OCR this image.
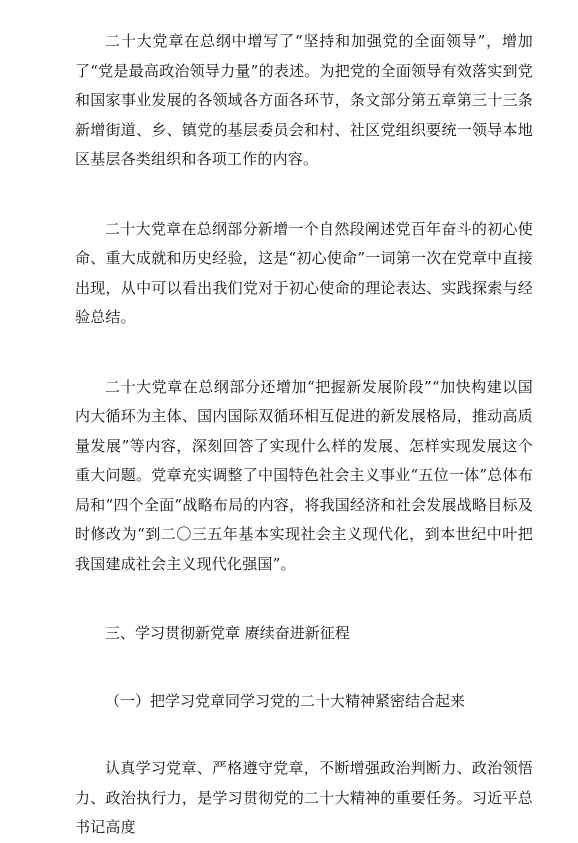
二十大党章在总纲中增写了“坚持和加强党的全面领导”，增加了“党是最高政治领导力量”的表述。为把党的全面领导有效落实到党和国家事业发展的各领域各方面各环节，条文部分第五章第三十三条新增街道、乡、镇党的基层委员会和村、社区党组织要统一领导本地区基层各类组织和各项工作的内容。

二十大党章在总纲部分新增一个自然段阐述党百年奋斗的初心使命、重大成就和历史经验，这是“初心使命”一词第一次在党章中直接出现，从中可以看出我们党对于初心使命的理论表达、实践探索与经验总结。

二十大党章在总纲部分还增加“把握新发展阶段”“加快构建以国内大循环为主体、国内国际双循环相互促进的新发展格局，推动高质量发展”等内容，深刻回答了实现什么样的发展、怎样实现发展这个重大问题。党章充实调整了中国特色社会主义事业“五位一体”总体布局和“四个全面”战略布局的内容，将我国经济和社会发展战略目标及时修改为“到二〇三五年基本实现社会主义现代化，到本世纪中叶把我国建成社会主义现代化强国”。

三、学习贯彻新党章 赓续奋进新征程

（一）把学习党章同学习党的二十大精神紧密结合起来

认真学习党章、严格遵守党章，不断增强政治判断力、政治领悟力、政治执行力，是学习贯彻党的二十大精神的重要任务。习近平总书记高度
